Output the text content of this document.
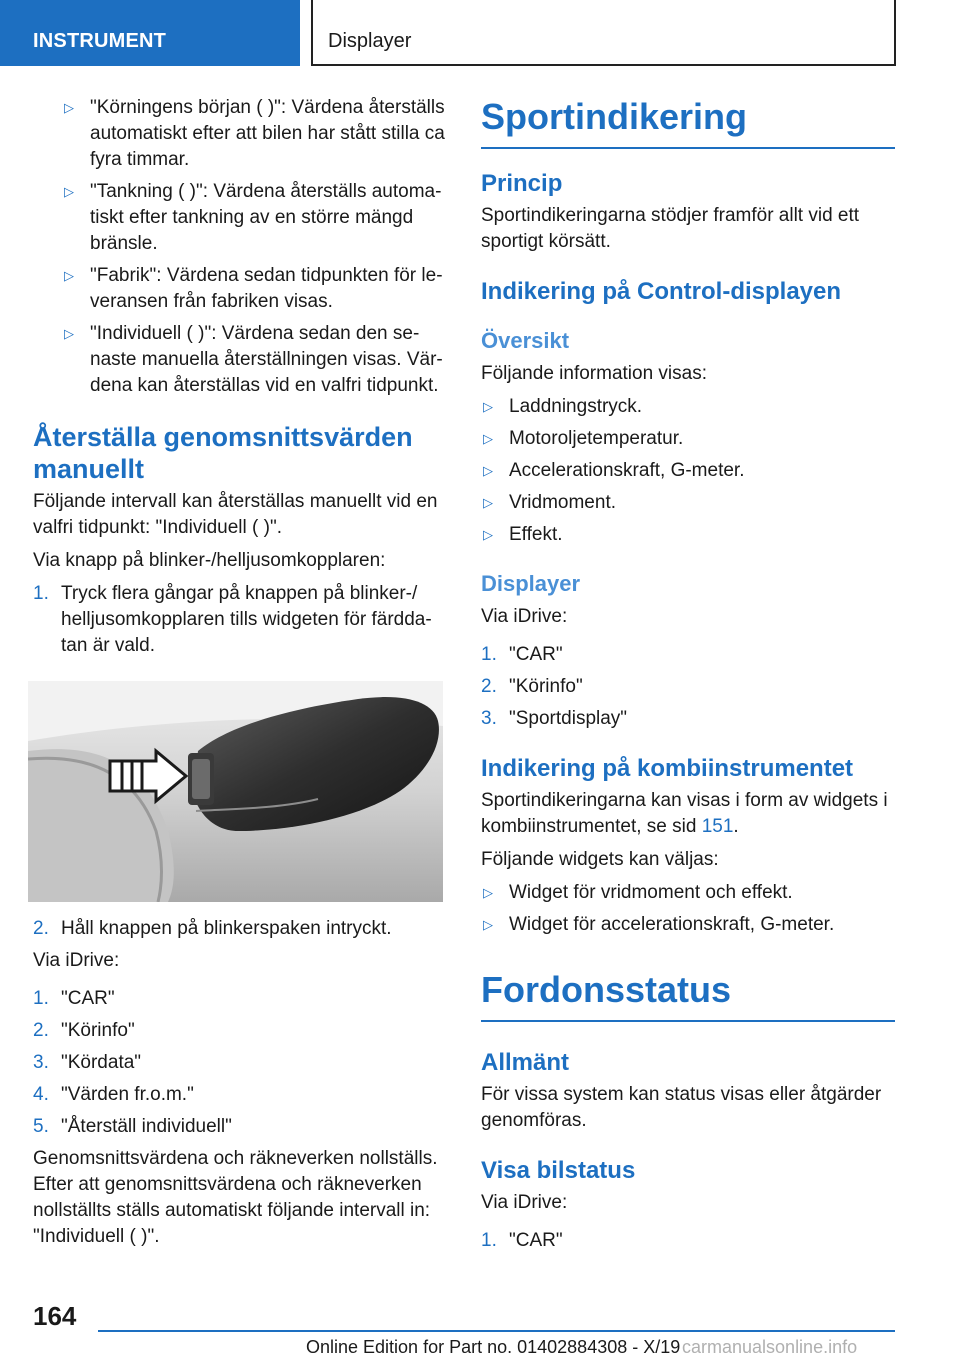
INSTRUMENT	Displayer
▷ "Körningens början ( )": Värdena återställs automatiskt efter att bilen har stått stilla ca fyra timmar.
▷ "Tankning ( )": Värdena återställs automatiskt efter tankning av en större mängd bränsle.
▷ "Fabrik": Värdena sedan tidpunkten för leveransen från fabriken visas.
▷ "Individuell ( )": Värdena sedan den senaste manuella återställningen visas. Värdena kan återställas vid en valfri tidpunkt.
Återställa genomsnittsvärden manuellt

Följande intervall kan återställas manuellt vid en valfri tidpunkt: "Individuell ( )".

Via knapp på blinker-/helljusomkopplaren:

1. Tryck flera gångar på knappen på blinker-/ helljusomkopplaren tills widgeten för färddatan är vald.
2. Håll knappen på blinkerspaken intryckt.

Via iDrive:

1. "CAR"
2. "Körinfo"
3. "Kördata"
4. "Värden fr.o.m."
5. "Återställ individuell"

Genomsnittsvärdena och räkneverken nollställs. Efter att genomsnittsvärdena och räkneverken nollställts ställs automatiskt följande intervall in: "Individuell ( )".

Sportindikering
Princip

Sportindikeringarna stödjer framför allt vid ett sportigt körsätt.

Indikering på Control-displayen
Översikt

Följande information visas:

▷ Laddningstryck.
▷ Motoroljetemperatur.
▷ Accelerationskraft, G-meter.
▷ Vridmoment.
▷ Effekt.
Displayer

Via iDrive:

1. "CAR"
2. "Körinfo"
3. "Sportdisplay"
Indikering på kombiinstrumentet

Sportindikeringarna kan visas i form av widgets i kombiinstrumentet, se sid 151.

Följande widgets kan väljas:

▷ Widget för vridmoment och effekt.
▷ Widget för accelerationskraft, G-meter.
Fordonsstatus
Allmänt

För vissa system kan status visas eller åtgärder genomföras.

Visa bilstatus

Via iDrive:

1. "CAR"
164
Online Edition for Part no. 01402884308 - X/19 carmanualsonline.info
